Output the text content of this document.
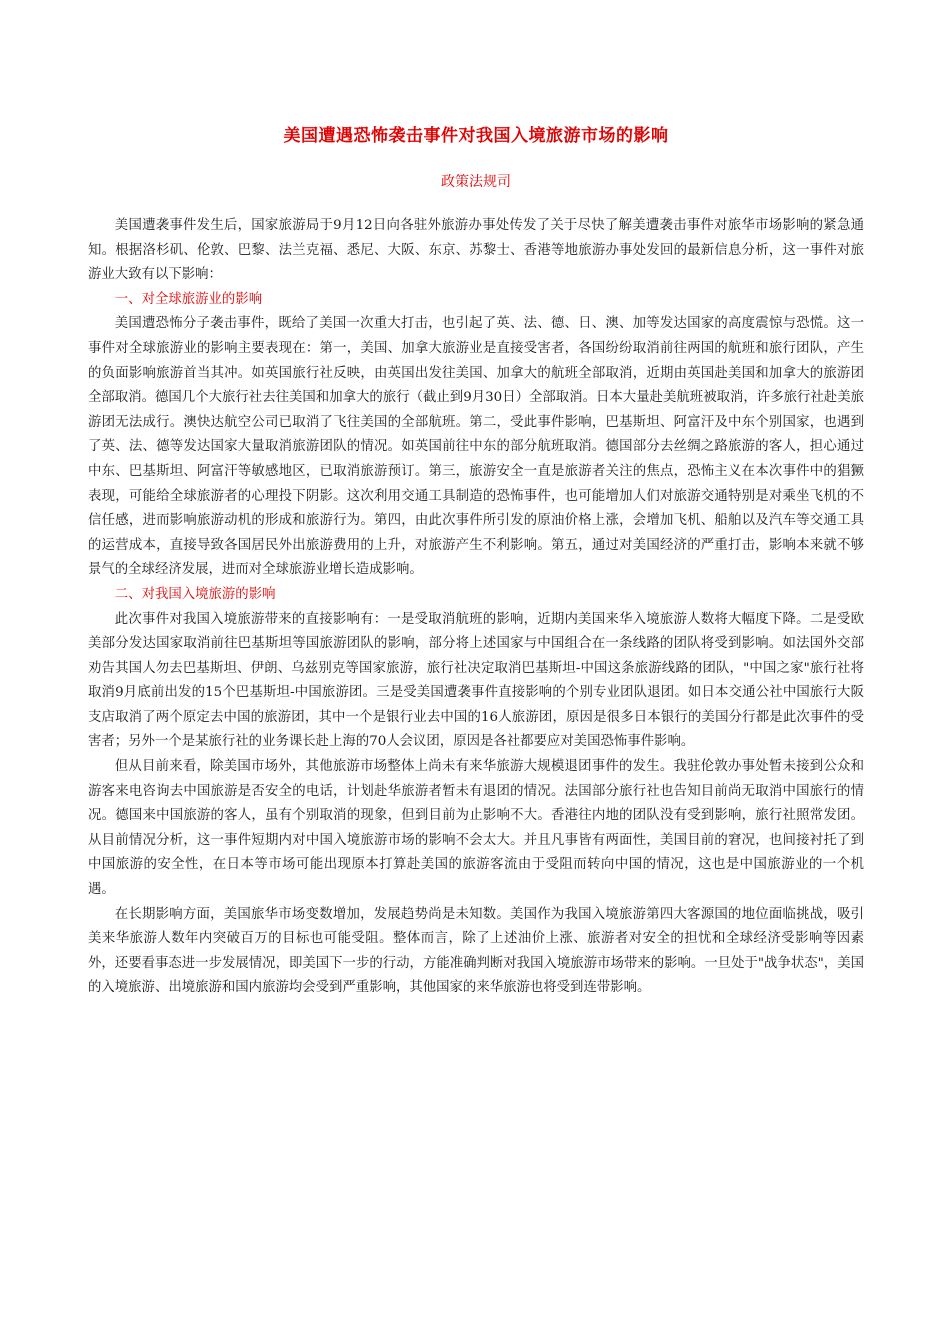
美国遭遇恐怖袭击事件对我国入境旅游市场的影响
政策法规司

美国遭袭事件发生后，国家旅游局于9月12日向各驻外旅游办事处传发了关于尽快了解美遭袭击事件对旅华市场影响的紧急通知。根据洛杉矶、伦敦、巴黎、法兰克福、悉尼、大阪、东京、苏黎士、香港等地旅游办事处发回的最新信息分析，这一事件对旅游业大致有以下影响：

一、对全球旅游业的影响

美国遭恐怖分子袭击事件，既给了美国一次重大打击，也引起了英、法、德、日、澳、加等发达国家的高度震惊与恐慌。这一事件对全球旅游业的影响主要表现在：第一，美国、加拿大旅游业是直接受害者，各国纷纷取消前往两国的航班和旅行团队，产生的负面影响旅游首当其冲。如英国旅行社反映，由英国出发往美国、加拿大的航班全部取消，近期由英国赴美国和加拿大的旅游团全部取消。德国几个大旅行社去往美国和加拿大的旅行（截止到9月30日）全部取消。日本大量赴美航班被取消，许多旅行社赴美旅游团无法成行。澳快达航空公司已取消了飞往美国的全部航班。第二，受此事件影响，巴基斯坦、阿富汗及中东个别国家，也遇到了英、法、德等发达国家大量取消旅游团队的情况。如英国前往中东的部分航班取消。德国部分去丝绸之路旅游的客人，担心通过中东、巴基斯坦、阿富汗等敏感地区，已取消旅游预订。第三，旅游安全一直是旅游者关注的焦点，恐怖主义在本次事件中的猖獗表现，可能给全球旅游者的心理投下阴影。这次利用交通工具制造的恐怖事件，也可能增加人们对旅游交通特别是对乘坐飞机的不信任感，进而影响旅游动机的形成和旅游行为。第四，由此次事件所引发的原油价格上涨，会增加飞机、船舶以及汽车等交通工具的运营成本，直接导致各国居民外出旅游费用的上升，对旅游产生不利影响。第五，通过对美国经济的严重打击，影响本来就不够景气的全球经济发展，进而对全球旅游业增长造成影响。

二、对我国入境旅游的影响

此次事件对我国入境旅游带来的直接影响有：一是受取消航班的影响，近期内美国来华入境旅游人数将大幅度下降。二是受欧美部分发达国家取消前往巴基斯坦等国旅游团队的影响，部分将上述国家与中国组合在一条线路的团队将受到影响。如法国外交部劝告其国人勿去巴基斯坦、伊朗、乌兹别克等国家旅游，旅行社决定取消巴基斯坦-中国这条旅游线路的团队，"中国之家"旅行社将取消9月底前出发的15个巴基斯坦-中国旅游团。三是受美国遭袭事件直接影响的个别专业团队退团。如日本交通公社中国旅行大阪支店取消了两个原定去中国的旅游团，其中一个是银行业去中国的16人旅游团，原因是很多日本银行的美国分行都是此次事件的受害者；另外一个是某旅行社的业务课长赴上海的70人会议团，原因是各社都要应对美国恐怖事件影响。

但从目前来看，除美国市场外，其他旅游市场整体上尚未有来华旅游大规模退团事件的发生。我驻伦敦办事处暂未接到公众和游客来电咨询去中国旅游是否安全的电话，计划赴华旅游者暂未有退团的情况。法国部分旅行社也告知目前尚无取消中国旅行的情况。德国来中国旅游的客人，虽有个别取消的现象，但到目前为止影响不大。香港往内地的团队没有受到影响，旅行社照常发团。从目前情况分析，这一事件短期内对中国入境旅游市场的影响不会太大。并且凡事皆有两面性，美国目前的窘况，也间接衬托了到中国旅游的安全性，在日本等市场可能出现原本打算赴美国的旅游客流由于受阻而转向中国的情况，这也是中国旅游业的一个机遇。

在长期影响方面，美国旅华市场变数增加，发展趋势尚是未知数。美国作为我国入境旅游第四大客源国的地位面临挑战，吸引美来华旅游人数年内突破百万的目标也可能受阻。整体而言，除了上述油价上涨、旅游者对安全的担忧和全球经济受影响等因素外，还要看事态进一步发展情况，即美国下一步的行动，方能准确判断对我国入境旅游市场带来的影响。一旦处于"战争状态"，美国的入境旅游、出境旅游和国内旅游均会受到严重影响，其他国家的来华旅游也将受到连带影响。
